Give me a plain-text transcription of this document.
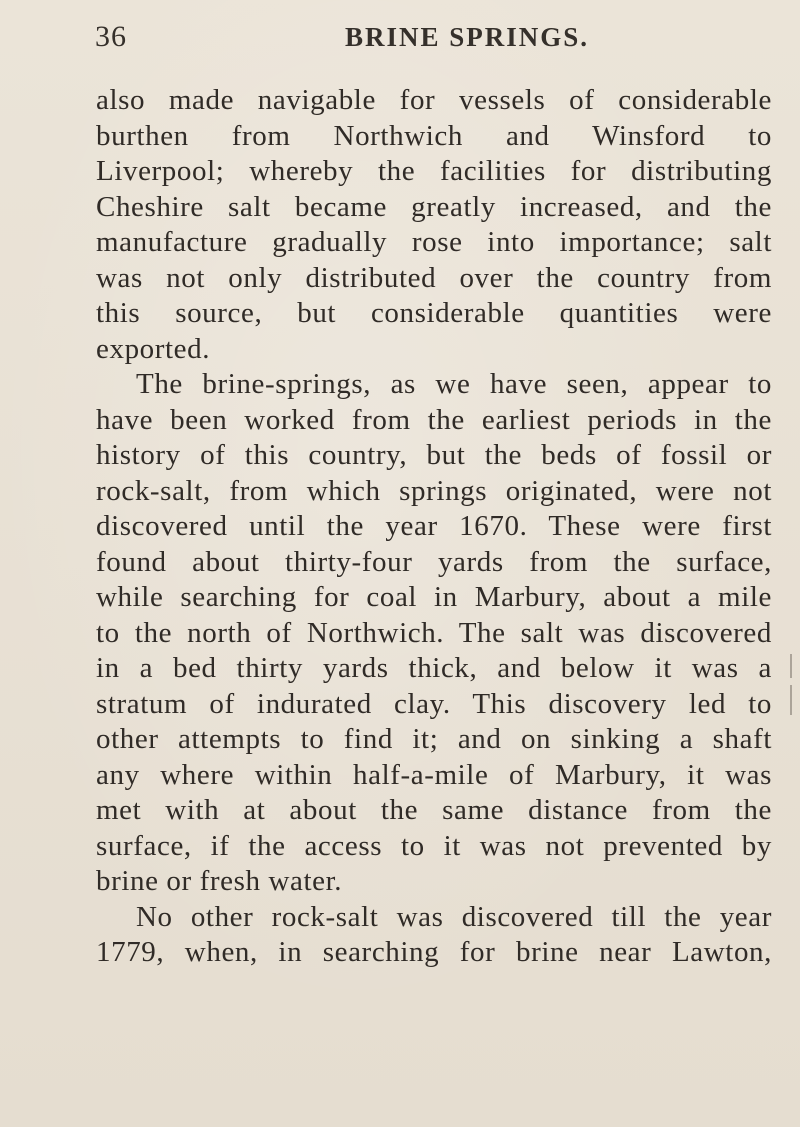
36	BRINE SPRINGS.
also made navigable for vessels of considerable
burthen from Northwich and Winsford to
Liverpool; whereby the facilities for distributing
Cheshire salt became greatly increased, and the
manufacture gradually rose into importance; salt
was not only distributed over the country from
this source, but considerable quantities were
exported.
The brine-springs, as we have seen, appear to
have been worked from the earliest periods in the
history of this country, but the beds of fossil or
rock-salt, from which springs originated, were not
discovered until the year 1670. These were first
found about thirty-four yards from the surface,
while searching for coal in Marbury, about a mile
to the north of Northwich. The salt was discovered
in a bed thirty yards thick, and below it was a
stratum of indurated clay. This discovery led to
other attempts to find it; and on sinking a shaft
any where within half-a-mile of Marbury, it was
met with at about the same distance from the
surface, if the access to it was not prevented by
brine or fresh water.
No other rock-salt was discovered till the year
1779, when, in searching for brine near Lawton,
